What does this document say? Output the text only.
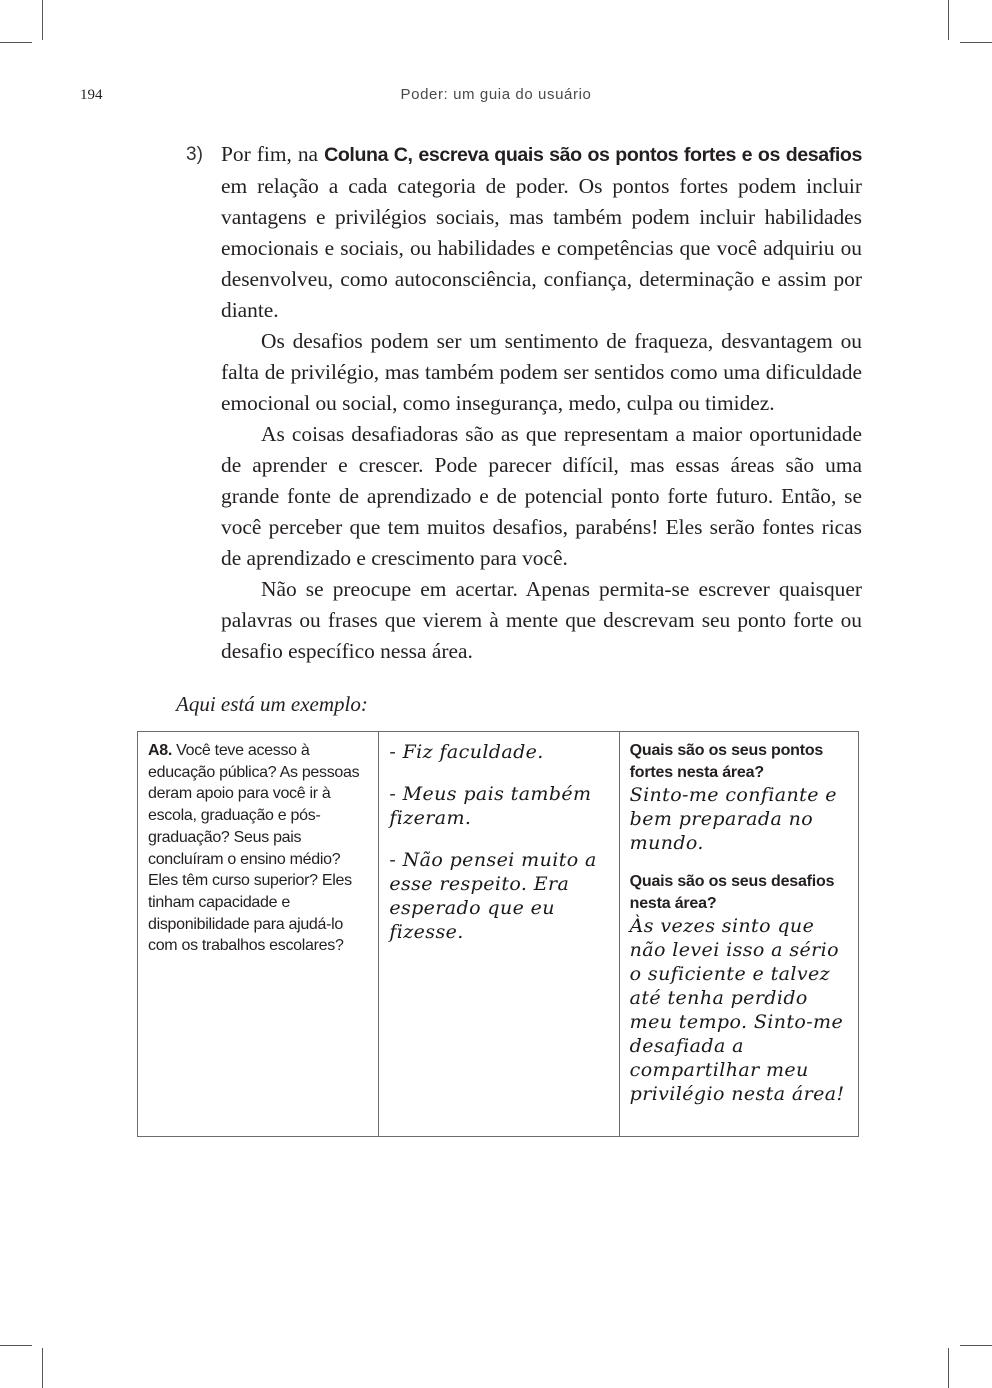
194	Poder: um guia do usuário
3) Por fim, na Coluna C, escreva quais são os pontos fortes e os desafios em relação a cada categoria de poder. Os pontos fortes podem incluir vantagens e privilégios sociais, mas também podem incluir habilidades emocionais e sociais, ou habilidades e competências que você adquiriu ou desenvolveu, como autoconsciência, confiança, determinação e assim por diante.

Os desafios podem ser um sentimento de fraqueza, desvantagem ou falta de privilégio, mas também podem ser sentidos como uma dificuldade emocional ou social, como insegurança, medo, culpa ou timidez.

As coisas desafiadoras são as que representam a maior oportunidade de aprender e crescer. Pode parecer difícil, mas essas áreas são uma grande fonte de aprendizado e de potencial ponto forte futuro. Então, se você perceber que tem muitos desafios, parabéns! Eles serão fontes ricas de aprendizado e crescimento para você.

Não se preocupe em acertar. Apenas permita-se escrever quaisquer palavras ou frases que vierem à mente que descrevam seu ponto forte ou desafio específico nessa área.

Aqui está um exemplo:
A8. Você teve acesso à educação pública? As pessoas deram apoio para você ir à escola, graduação e pós-graduação? Seus pais concluíram o ensino médio? Eles têm curso superior? Eles tinham capacidade e disponibilidade para ajudá-lo com os trabalhos escolares?
- Fiz faculdade.
- Meus pais também fizeram.
- Não pensei muito a esse respeito. Era esperado que eu fizesse.
Quais são os seus pontos fortes nesta área?
Sinto-me confiante e bem preparada no mundo.
Quais são os seus desafios nesta área?
Às vezes sinto que não levei isso a sério o suficiente e talvez até tenha perdido meu tempo. Sinto-me desafiada a compartilhar meu privilégio nesta área!
